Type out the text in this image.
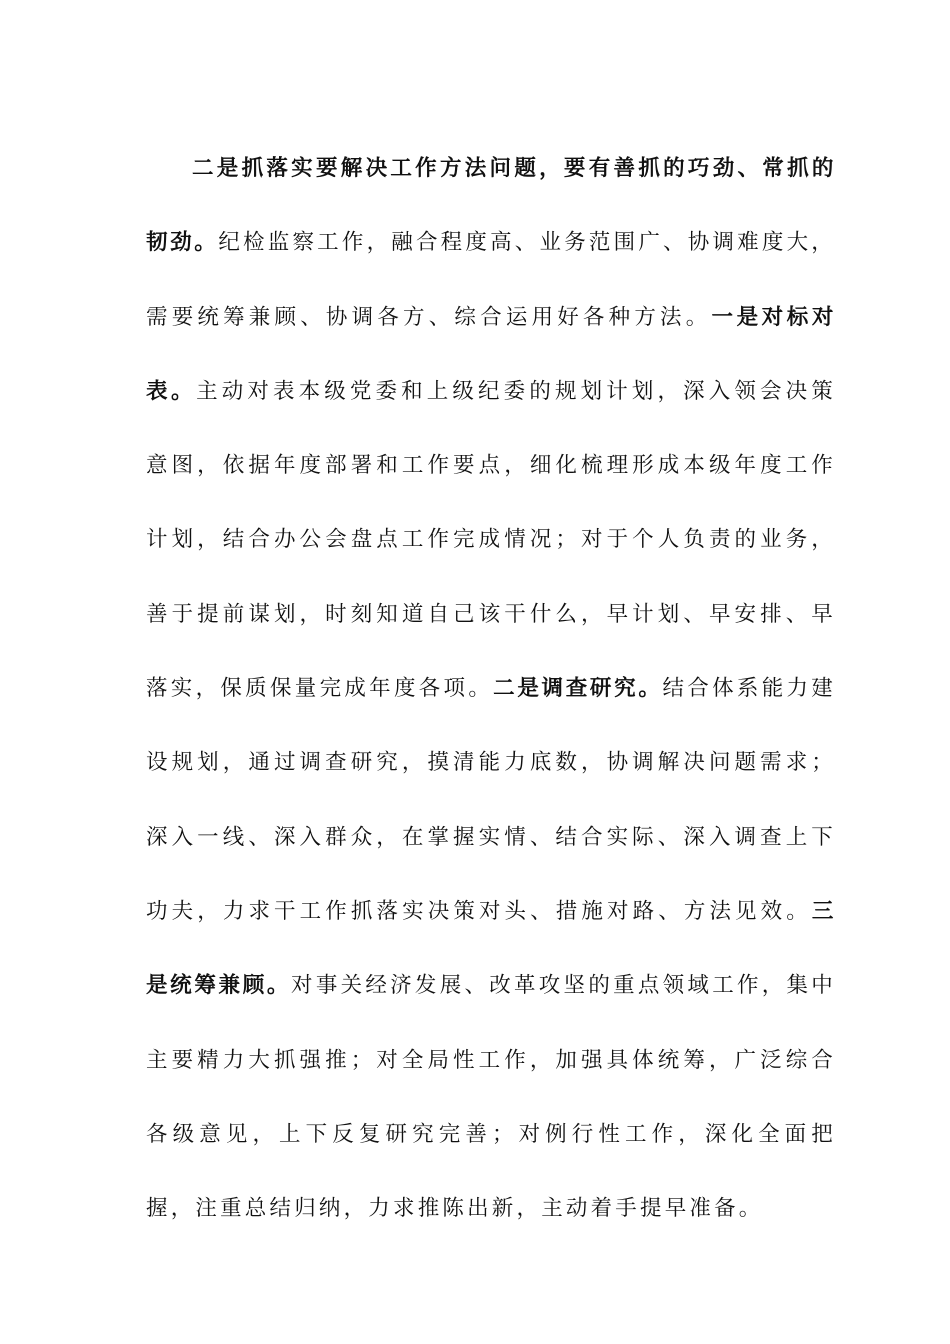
二是抓落实要解决工作方法问题，要有善抓的巧劲、常抓的韧劲。纪检监察工作，融合程度高、业务范围广、协调难度大，需要统筹兼顾、协调各方、综合运用好各种方法。一是对标对表。主动对表本级党委和上级纪委的规划计划，深入领会决策意图，依据年度部署和工作要点，细化梳理形成本级年度工作计划，结合办公会盘点工作完成情况；对于个人负责的业务，善于提前谋划，时刻知道自己该干什么，早计划、早安排、早落实，保质保量完成年度各项。二是调查研究。结合体系能力建设规划，通过调查研究，摸清能力底数，协调解决问题需求；深入一线、深入群众，在掌握实情、结合实际、深入调查上下功夫，力求干工作抓落实决策对头、措施对路、方法见效。三是统筹兼顾。对事关经济发展、改革攻坚的重点领域工作，集中主要精力大抓强推；对全局性工作，加强具体统筹，广泛综合各级意见，上下反复研究完善；对例行性工作，深化全面把握，注重总结归纳，力求推陈出新，主动着手提早准备。
